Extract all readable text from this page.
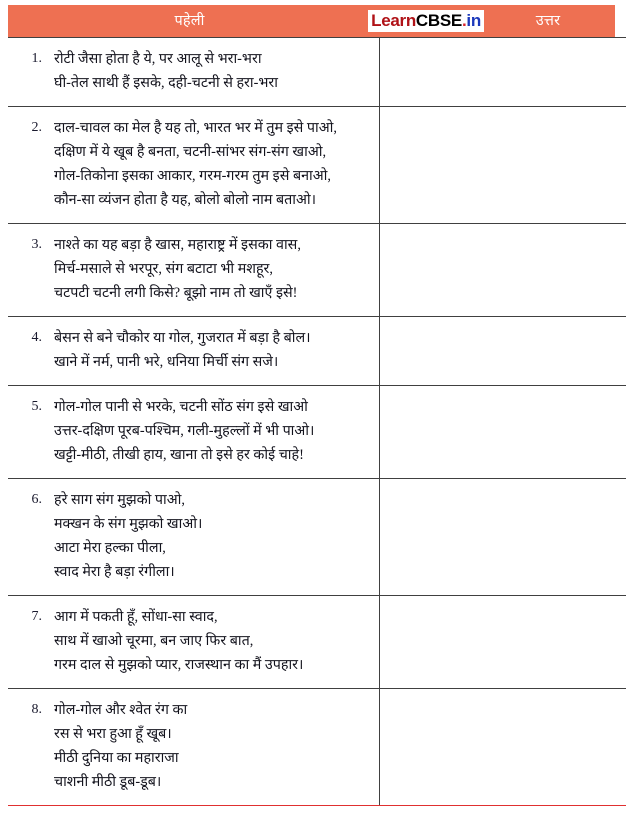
पहेली	LearnCBSE.in	उत्तर
1. रोटी जैसा होता है ये, पर आलू से भरा-भरा
घी-तेल साथी हैं इसके, दही-चटनी से हरा-भरा	

2. दाल-चावल का मेल है यह तो, भारत भर में तुम इसे पाओ,
दक्षिण में ये खूब है बनता, चटनी-सांभर संग-संग खाओ,
गोल-तिकोना इसका आकार, गरम-गरम तुम इसे बनाओ,
कौन-सा व्यंजन होता है यह, बोलो बोलो नाम बताओ।	

3. नाश्ते का यह बड़ा है खास, महाराष्ट्र में इसका वास,
मिर्च-मसाले से भरपूर, संग बटाटा भी मशहूर,
चटपटी चटनी लगी किसे? बूझो नाम तो खाएँ इसे!	

4. बेसन से बने चौकोर या गोल, गुजरात में बड़ा है बोल।
खाने में नर्म, पानी भरे, धनिया मिर्ची संग सजे।	

5. गोल-गोल पानी से भरके, चटनी सोंठ संग इसे खाओ
उत्तर-दक्षिण पूरब-पश्चिम, गली-मुहल्लों में भी पाओ।
खट्टी-मीठी, तीखी हाय, खाना तो इसे हर कोई चाहे!	

6. हरे साग संग मुझको पाओ,
मक्खन के संग मुझको खाओ।
आटा मेरा हल्का पीला,
स्वाद मेरा है बड़ा रंगीला।	

7. आग में पकती हूँ, सोंधा-सा स्वाद,
साथ में खाओ चूरमा, बन जाए फिर बात,
गरम दाल से मुझको प्यार, राजस्थान का मैं उपहार।	

8. गोल-गोल और श्वेत रंग का
रस से भरा हुआ हूँ खूब।
मीठी दुनिया का महाराजा
चाशनी मीठी डूब-डूब।	
